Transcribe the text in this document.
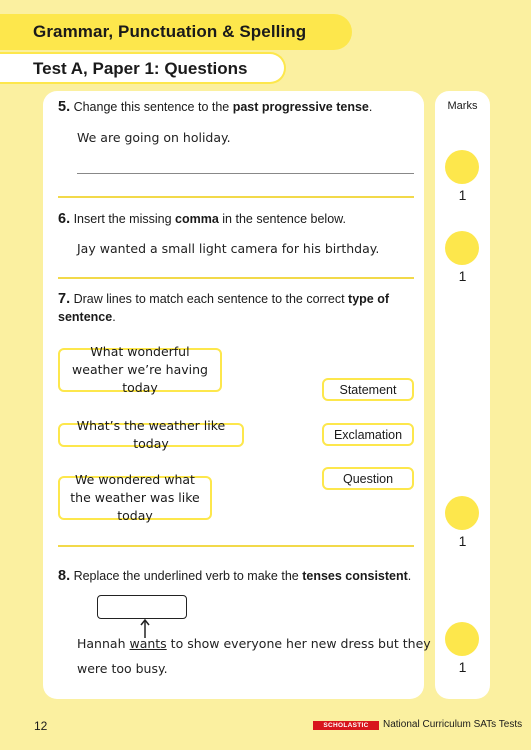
Grammar, Punctuation & Spelling
Test A, Paper 1: Questions
Marks
1
1
1
1
5. Change this sentence to the past progressive tense.
We are going on holiday.
6. Insert the missing comma in the sentence below.
Jay wanted a small light camera for his birthday.
7. Draw lines to match each sentence to the correct type of
sentence.
What wonderful weather we’re having today
What’s the weather like today
We wondered what the weather was like today
Statement
Exclamation
Question
8. Replace the underlined verb to make the tenses consistent.
Hannah wants to show everyone her new dress but they
were too busy.
12	SCHOLASTIC	National Curriculum SATs Tests
